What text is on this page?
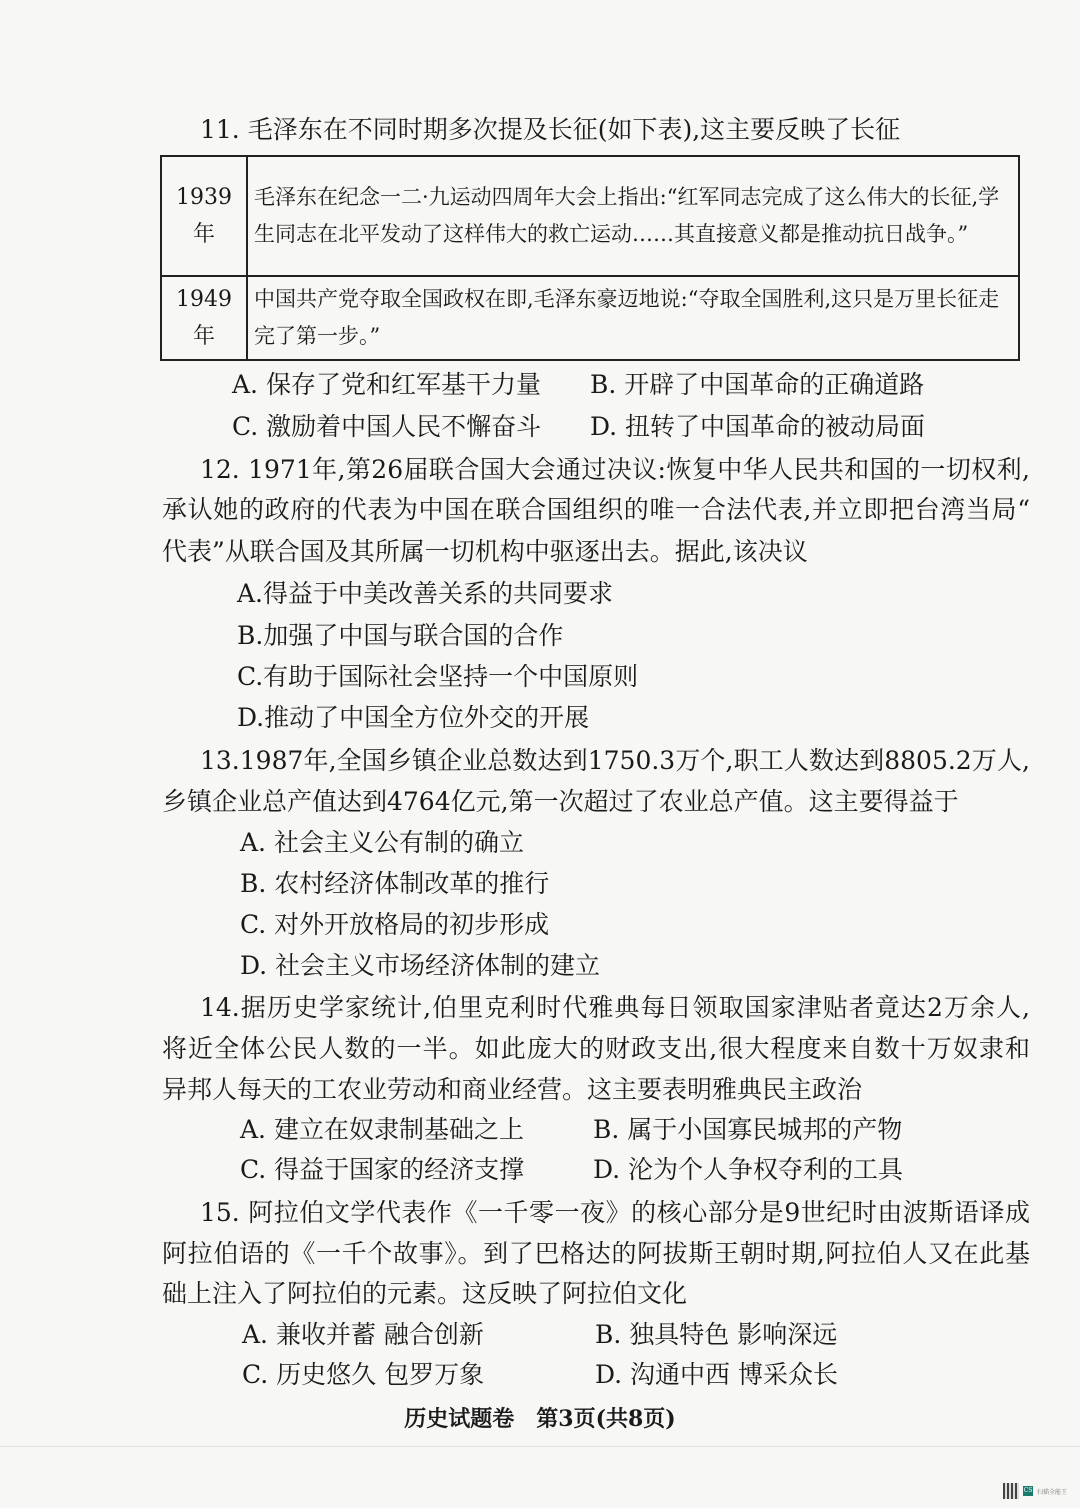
11. 毛泽东在不同时期多次提及长征(如下表),这主要反映了长征
1939年	毛泽东在纪念一二·九运动四周年大会上指出:“红军同志完成了这么伟大的长征,学生同志在北平发动了这样伟大的救亡运动……其直接意义都是推动抗日战争。”
1949年	中国共产党夺取全国政权在即,毛泽东豪迈地说:“夺取全国胜利,这只是万里长征走完了第一步。”
A. 保存了党和红军基干力量 B. 开辟了中国革命的正确道路
C. 激励着中国人民不懈奋斗 D. 扭转了中国革命的被动局面
12. 1971年,第26届联合国大会通过决议:恢复中华人民共和国的一切权利,
承认她的政府的代表为中国在联合国组织的唯一合法代表,并立即把台湾当局“
代表”从联合国及其所属一切机构中驱逐出去。据此,该决议
A.得益于中美改善关系的共同要求
B.加强了中国与联合国的合作
C.有助于国际社会坚持一个中国原则
D.推动了中国全方位外交的开展
13.1987年,全国乡镇企业总数达到1750.3万个,职工人数达到8805.2万人,
乡镇企业总产值达到4764亿元,第一次超过了农业总产值。这主要得益于
A. 社会主义公有制的确立
B. 农村经济体制改革的推行
C. 对外开放格局的初步形成
D. 社会主义市场经济体制的建立
14.据历史学家统计,伯里克利时代雅典每日领取国家津贴者竟达2万余人,
将近全体公民人数的一半。如此庞大的财政支出,很大程度来自数十万奴隶和
异邦人每天的工农业劳动和商业经营。这主要表明雅典民主政治
A. 建立在奴隶制基础之上	B. 属于小国寡民城邦的产物
C. 得益于国家的经济支撑	D. 沦为个人争权夺利的工具
15. 阿拉伯文学代表作《一千零一夜》的核心部分是9世纪时由波斯语译成
阿拉伯语的《一千个故事》。到了巴格达的阿拔斯王朝时期,阿拉伯人又在此基
础上注入了阿拉伯的元素。这反映了阿拉伯文化
A. 兼收并蓄 融合创新	B. 独具特色 影响深远
C. 历史悠久 包罗万象	D. 沟通中西 博采众长
历史试题卷　第3页(共8页)
CS 扫描全能王
